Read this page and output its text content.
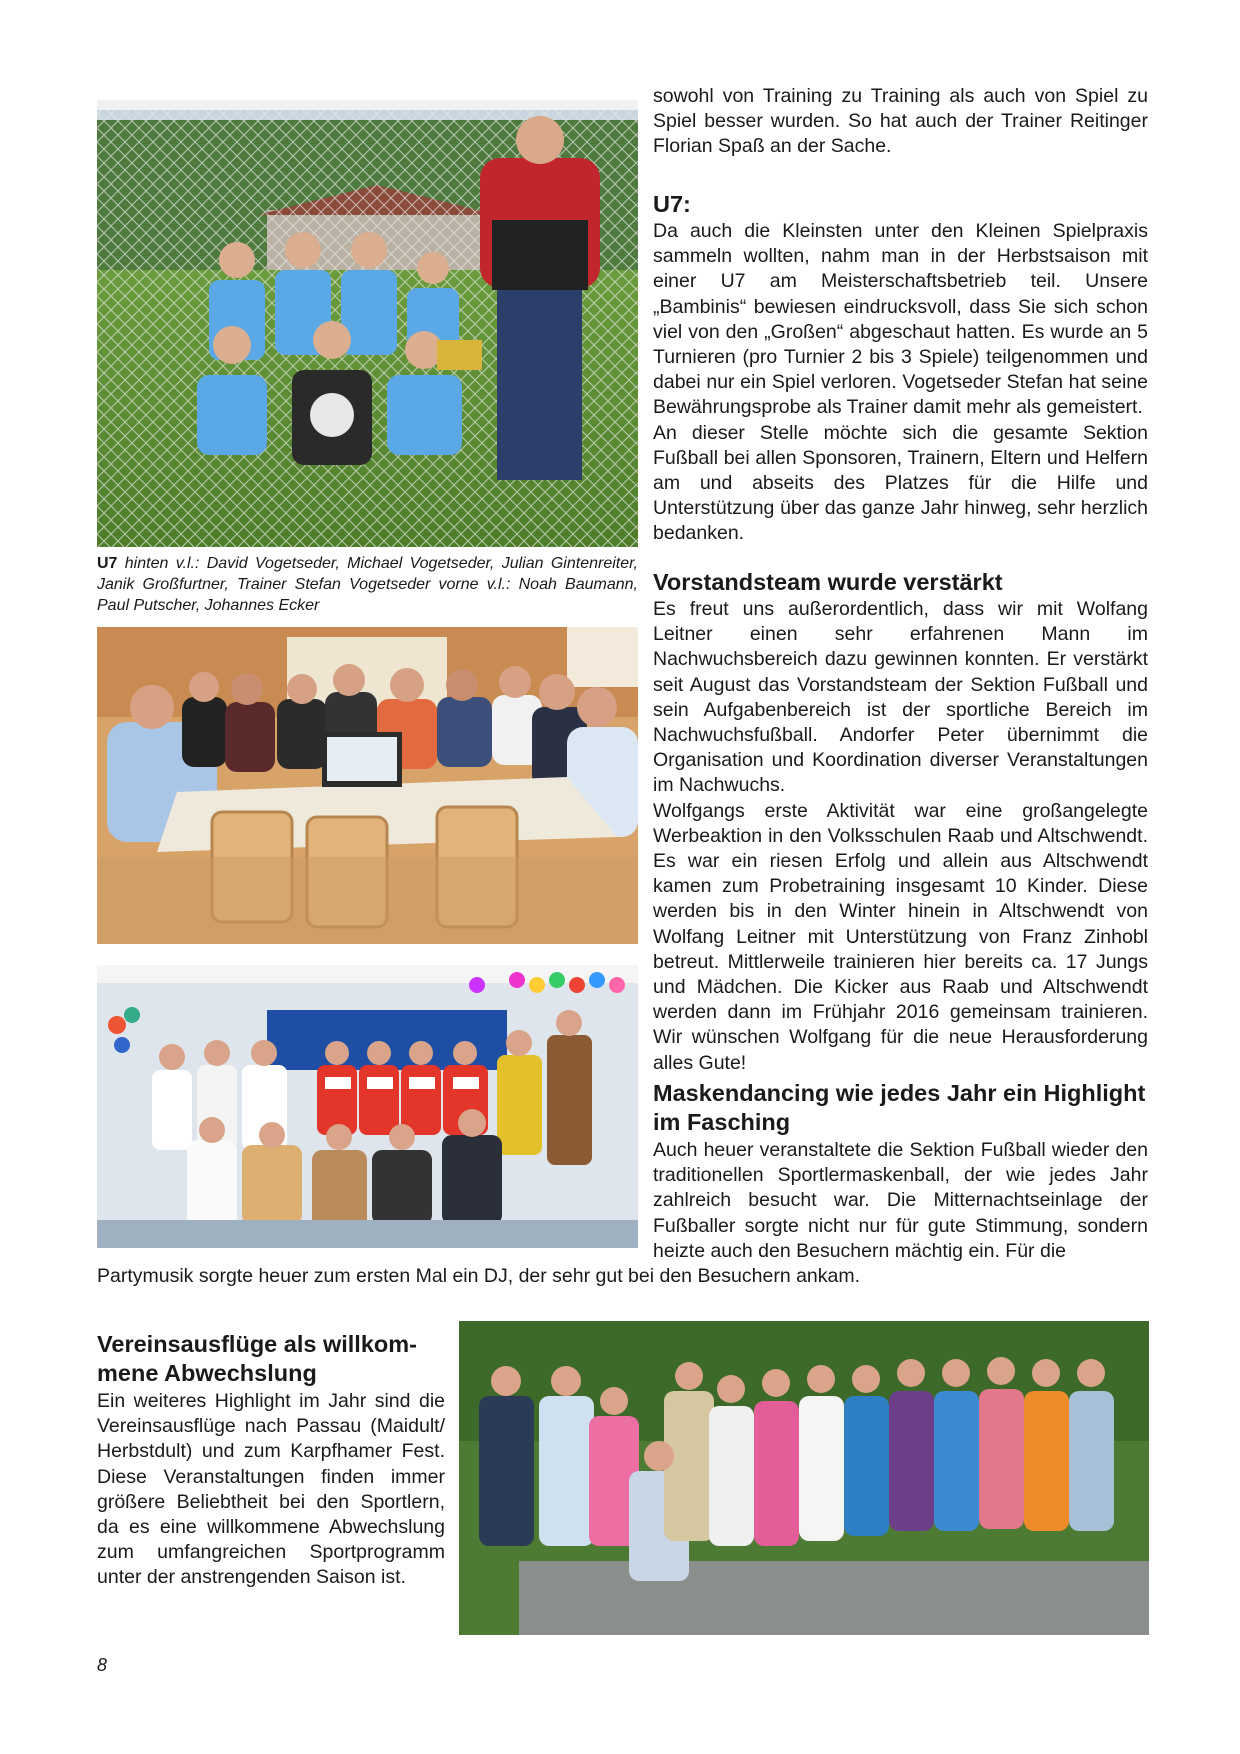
U7 hinten v.l.: David Vogetseder, Michael Vogetseder, Julian Gintenreiter, Janik Großfurtner, Trainer Stefan Vogetseder vorne v.l.: Noah Baumann, Paul Putscher, Johannes Ecker
sowohl von Training zu Training als auch von Spiel zu Spiel besser wurden. So hat auch der Trainer Reitinger Florian Spaß an der Sache.
U7:

Da auch die Kleinsten unter den Kleinen Spielpraxis sammeln wollten, nahm man in der Herbstsaison mit einer U7 am Meisterschaftsbetrieb teil. Unsere „Bambinis“ bewiesen eindrucksvoll, dass Sie sich schon viel von den „Großen“ abgeschaut hatten. Es wurde an 5 Turnieren (pro Turnier 2 bis 3 Spiele) teilgenommen und dabei nur ein Spiel verloren. Vogetseder Stefan hat seine Bewährungsprobe als Trainer damit mehr als gemeistert.

An dieser Stelle möchte sich die gesamte Sektion Fußball bei allen Sponsoren, Trainern, Eltern und Helfern am und abseits des Platzes für die Hilfe und Unterstützung über das ganze Jahr hinweg, sehr herzlich bedanken.

Vorstandsteam wurde verstärkt

Es freut uns außerordentlich, dass wir mit Wolfang Leitner einen sehr erfahrenen Mann im Nachwuchsbereich dazu gewinnen konnten. Er verstärkt seit August das Vorstandsteam der Sektion Fußball und sein Aufgabenbereich ist der sportliche Bereich im Nachwuchsfußball. Andorfer Peter übernimmt die Organisation und Koordination diverser Veranstaltungen im Nachwuchs.

Wolfgangs erste Aktivität war eine großangelegte Werbeaktion in den Volksschulen Raab und Altschwendt. Es war ein riesen Erfolg und allein aus Altschwendt kamen zum Probetraining insgesamt 10 Kinder. Diese werden bis in den Winter hinein in Altschwendt von Wolfang Leitner mit Unterstützung von Franz Zinhobl betreut. Mittlerweile trainieren hier bereits ca. 17 Jungs und Mädchen. Die Kicker aus Raab und Altschwendt werden dann im Frühjahr 2016 gemeinsam trainieren. Wir wünschen Wolfgang für die neue Herausforderung alles Gute!

Maskendancing wie jedes Jahr ein Highlight
im Fasching
Auch heuer veranstaltete die Sektion Fußball wieder den traditionellen Sportlermaskenball, der wie jedes Jahr zahlreich besucht war. Die Mitternachtseinlage der Fußballer sorgte nicht nur für gute Stimmung, sondern heizte auch den Besuchern mächtig ein. Für die
Partymusik sorgte heuer zum ersten Mal ein DJ, der sehr gut bei den Besuchern ankam.
Vereinsausflüge als willkom-
mene Abwechslung
Ein weiteres Highlight im Jahr sind die Vereinsausflüge nach Passau (Maidult/ Herbstdult) und zum Karpfhamer Fest. Diese Veranstaltungen finden immer größere Beliebtheit bei den Sportlern, da es eine willkommene Abwechslung zum umfangreichen Sportprogramm unter der anstrengenden Saison ist.
8
